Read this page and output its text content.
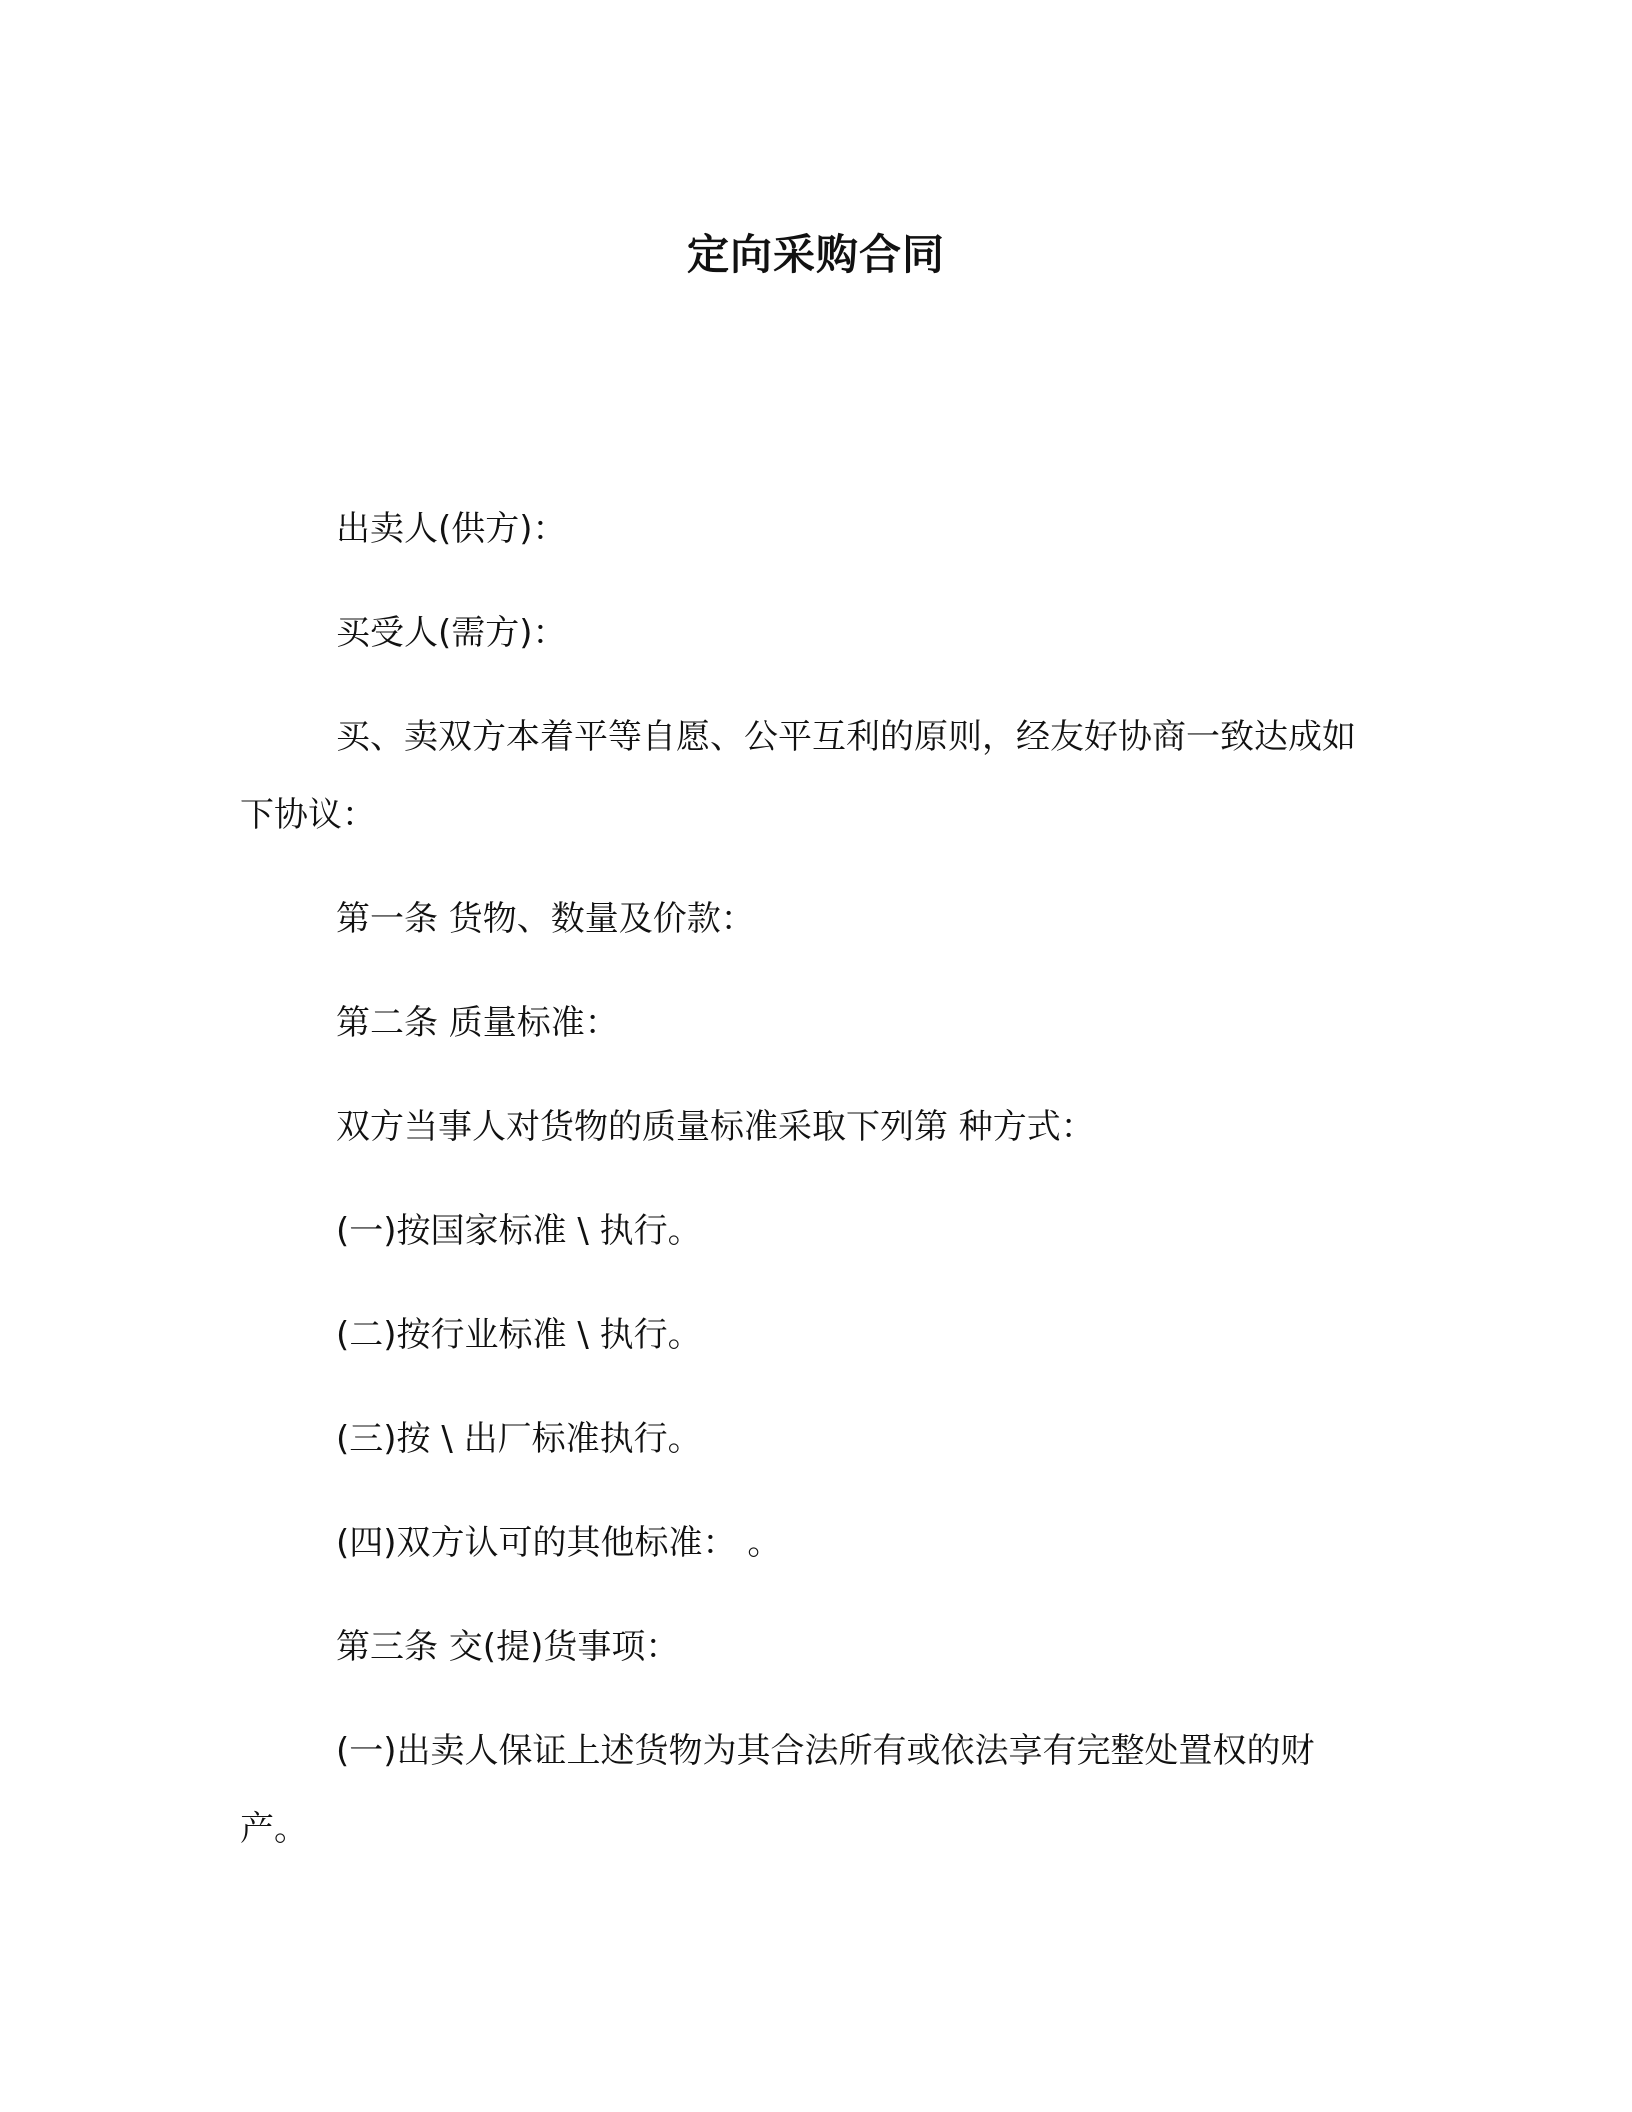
定向采购合同

出卖人(供方)：

买受人(需方)：

买、卖双方本着平等自愿、公平互利的原则，经友好协商一致达成如下协议：

第一条 货物、数量及价款：

第二条 质量标准：

双方当事人对货物的质量标准采取下列第 种方式：

(一)按国家标准 \ 执行。

(二)按行业标准 \ 执行。

(三)按 \ 出厂标准执行。

(四)双方认可的其他标准： 。

第三条 交(提)货事项：

(一)出卖人保证上述货物为其合法所有或依法享有完整处置权的财产。
